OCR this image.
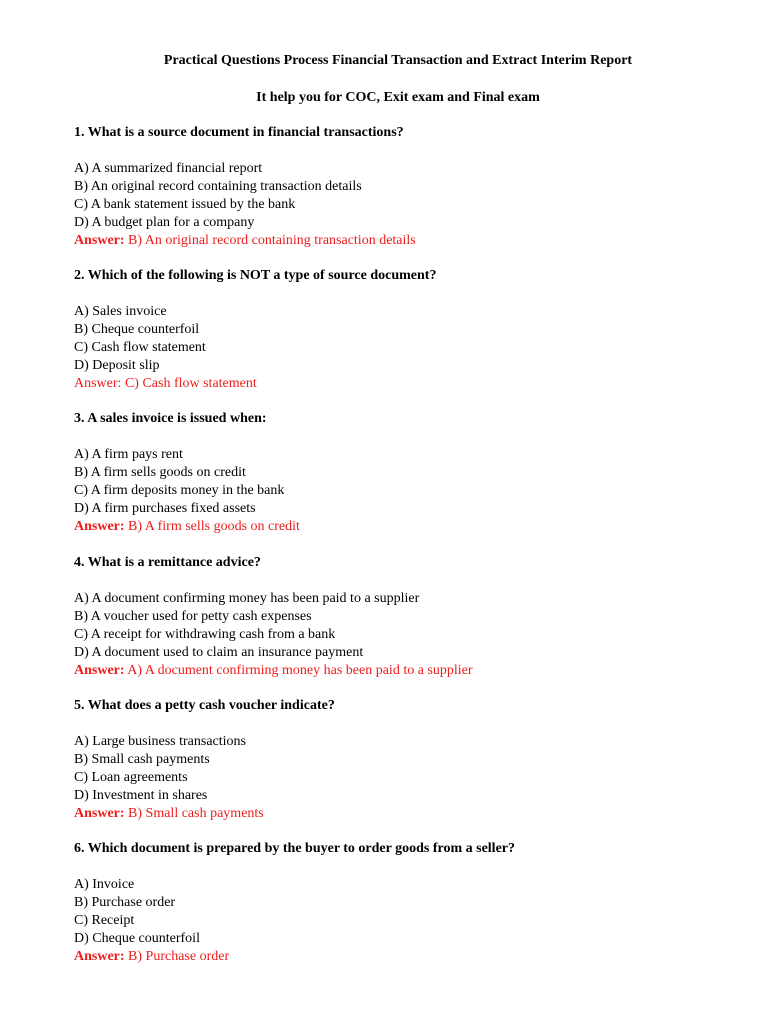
Practical Questions Process Financial Transaction and Extract Interim Report
It help you for COC, Exit exam and Final exam
1. What is a source document in financial transactions?
A) A summarized financial report
B) An original record containing transaction details
C) A bank statement issued by the bank
D) A budget plan for a company
Answer: B) An original record containing transaction details
2. Which of the following is NOT a type of source document?
A) Sales invoice
B) Cheque counterfoil
C) Cash flow statement
D) Deposit slip
Answer: C) Cash flow statement
3. A sales invoice is issued when:
A) A firm pays rent
B) A firm sells goods on credit
C) A firm deposits money in the bank
D) A firm purchases fixed assets
Answer: B) A firm sells goods on credit
4. What is a remittance advice?
A) A document confirming money has been paid to a supplier
B) A voucher used for petty cash expenses
C) A receipt for withdrawing cash from a bank
D) A document used to claim an insurance payment
Answer: A) A document confirming money has been paid to a supplier
5. What does a petty cash voucher indicate?
A) Large business transactions
B) Small cash payments
C) Loan agreements
D) Investment in shares
Answer: B) Small cash payments
6. Which document is prepared by the buyer to order goods from a seller?
A) Invoice
B) Purchase order
C) Receipt
D) Cheque counterfoil
Answer: B) Purchase order
